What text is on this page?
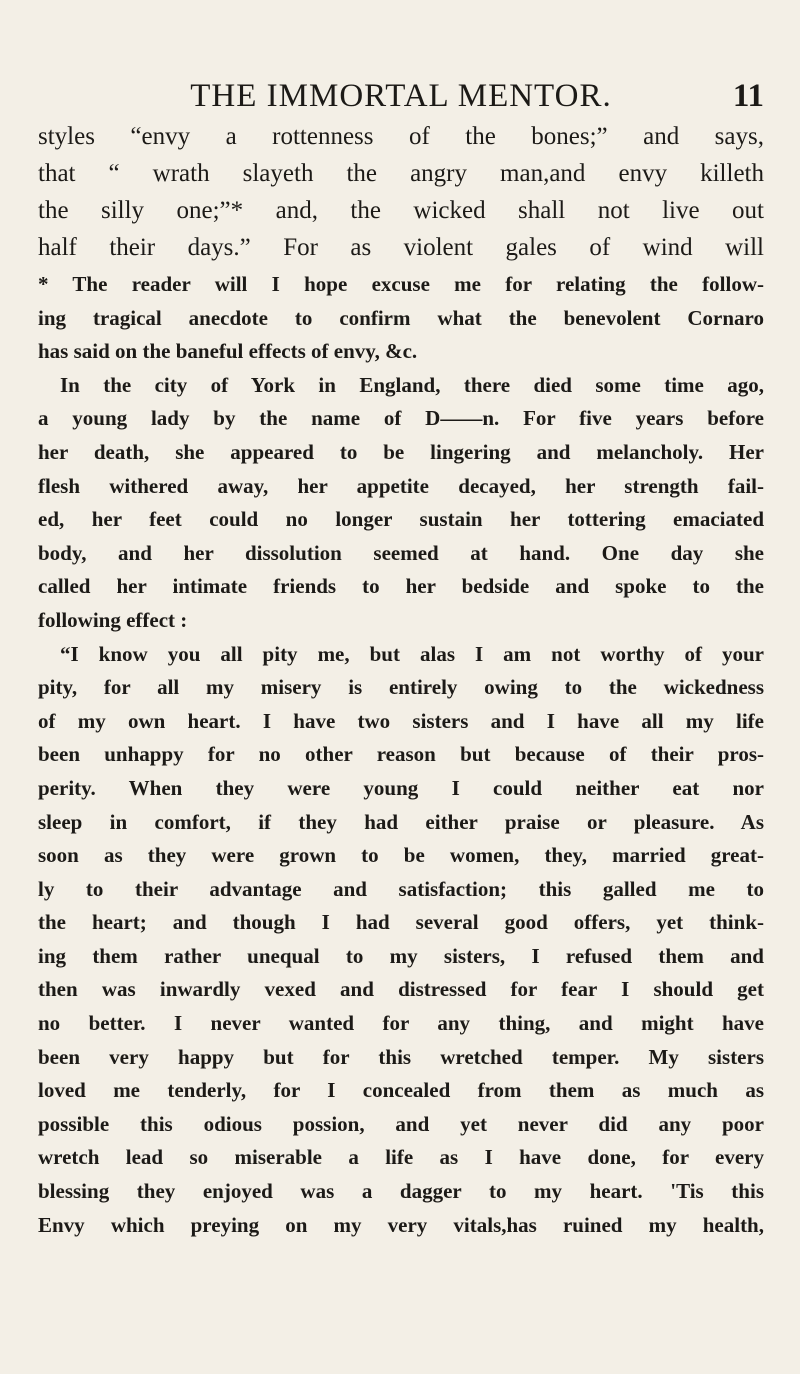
THE IMMORTAL MENTOR.	11
styles “envy a rottenness of the bones;” and says,
that “ wrath slayeth the angry man,and envy killeth
the silly one;”* and, the wicked shall not live out
half their days.” For as violent gales of wind will
* The reader will I hope excuse me for relating the follow-
ing tragical anecdote to confirm what the benevolent Cornaro
has said on the baneful effects of envy, &c.
In the city of York in England, there died some time ago,
a young lady by the name of D——n. For five years before
her death, she appeared to be lingering and melancholy. Her
flesh withered away, her appetite decayed, her strength fail-
ed, her feet could no longer sustain her tottering emaciated
body, and her dissolution seemed at hand. One day she
called her intimate friends to her bedside and spoke to the
following effect :
“I know you all pity me, but alas I am not worthy of your
pity, for all my misery is entirely owing to the wickedness
of my own heart. I have two sisters and I have all my life
been unhappy for no other reason but because of their pros-
perity. When they were young I could neither eat nor
sleep in comfort, if they had either praise or pleasure. As
soon as they were grown to be women, they, married great-
ly to their advantage and satisfaction; this galled me to
the heart; and though I had several good offers, yet think-
ing them rather unequal to my sisters, I refused them and
then was inwardly vexed and distressed for fear I should get
no better. I never wanted for any thing, and might have
been very happy but for this wretched temper. My sisters
loved me tenderly, for I concealed from them as much as
possible this odious possion, and yet never did any poor
wretch lead so miserable a life as I have done, for every
blessing they enjoyed was a dagger to my heart. 'Tis this
Envy which preying on my very vitals,has ruined my health,
